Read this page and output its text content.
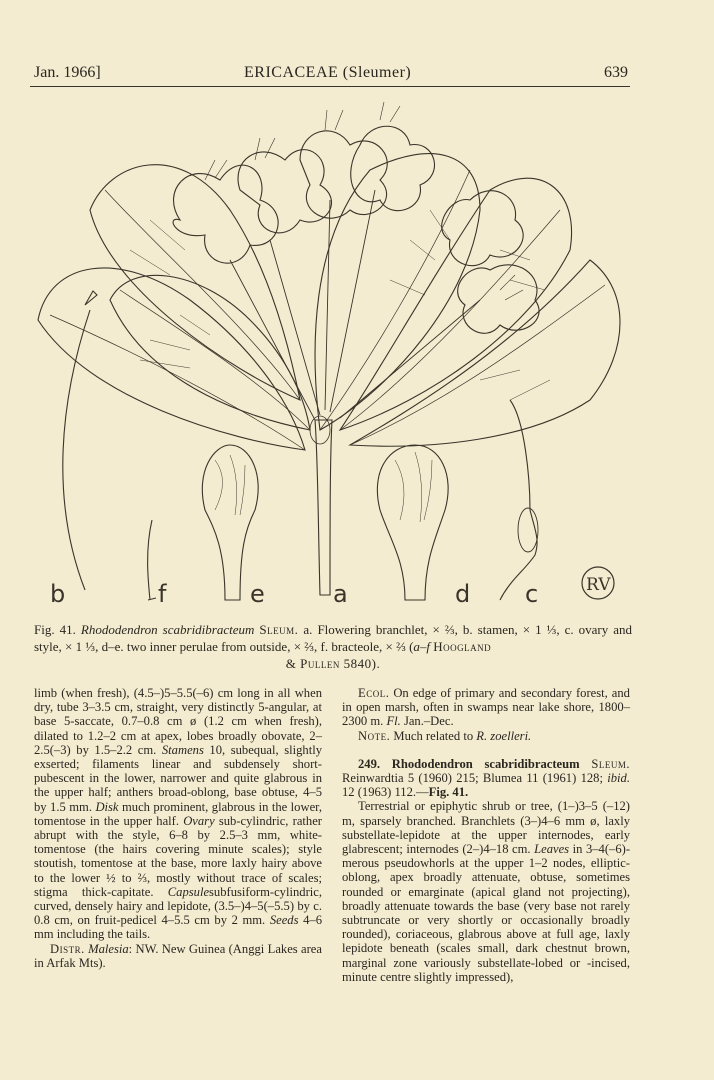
Jan. 1966]	ERICACEAE (Sleumer)	639
b	f	e	a	d c	RV
Fig. 41. Rhododendron scabridibracteum Sleum. a. Flowering branchlet, × ⅔, b. stamen, × 1 ⅓, c. ovary and style, × 1 ⅓, d–e. two inner perulae from outside, × ⅔, f. bracteole, × ⅔ (a–f Hoogland
& Pullen 5840).

limb (when fresh), (4.5–)5–5.5(–6) cm long in all when dry, tube 3–3.5 cm, straight, very distinctly 5-angular, at base 5-saccate, 0.7–0.8 cm ø (1.2 cm when fresh), dilated to 1.2–2 cm at apex, lobes broadly obovate, 2–2.5(–3) by 1.5–2.2 cm. Stamens 10, subequal, slightly exserted; filaments linear and subdensely short-pubescent in the lower, narrower and quite glabrous in the upper half; anthers broad-oblong, base obtuse, 4–5 by 1.5 mm. Disk much prominent, glabrous in the lower, tomentose in the upper half. Ovary sub-cylindric, rather abrupt with the style, 6–8 by 2.5–3 mm, white-tomentose (the hairs covering minute scales); style stoutish, tomentose at the base, more laxly hairy above to the lower ½ to ⅔, mostly without trace of scales; stigma thick-capitate. Capsulesubfusiform-cylindric, curved, densely hairy and lepidote, (3.5–)4–5(–5.5) by c. 0.8 cm, on fruit-pedicel 4–5.5 cm by 2 mm. Seeds 4–6 mm including the tails.

Distr. Malesia: NW. New Guinea (Anggi Lakes area in Arfak Mts).

Ecol. On edge of primary and secondary forest, and in open marsh, often in swamps near lake shore, 1800–2300 m. Fl. Jan.–Dec.

Note. Much related to R. zoelleri.

249. Rhododendron scabridibracteum Sleum. Reinwardtia 5 (1960) 215; Blumea 11 (1961) 128; ibid. 12 (1963) 112.—Fig. 41.

Terrestrial or epiphytic shrub or tree, (1–)3–5 (–12) m, sparsely branched. Branchlets (3–)4–6 mm ø, laxly substellate-lepidote at the upper internodes, early glabrescent; internodes (2–)4–18 cm. Leaves in 3–4(–6)-merous pseudowhorls at the upper 1–2 nodes, elliptic-oblong, apex broadly attenuate, obtuse, sometimes rounded or emarginate (apical gland not projecting), broadly attenuate towards the base (very base not rarely subtruncate or very shortly or occasionally broadly rounded), coriaceous, glabrous above at full age, laxly lepidote beneath (scales small, dark chestnut brown, marginal zone variously substellate-lobed or -incised, minute centre slightly impressed),
